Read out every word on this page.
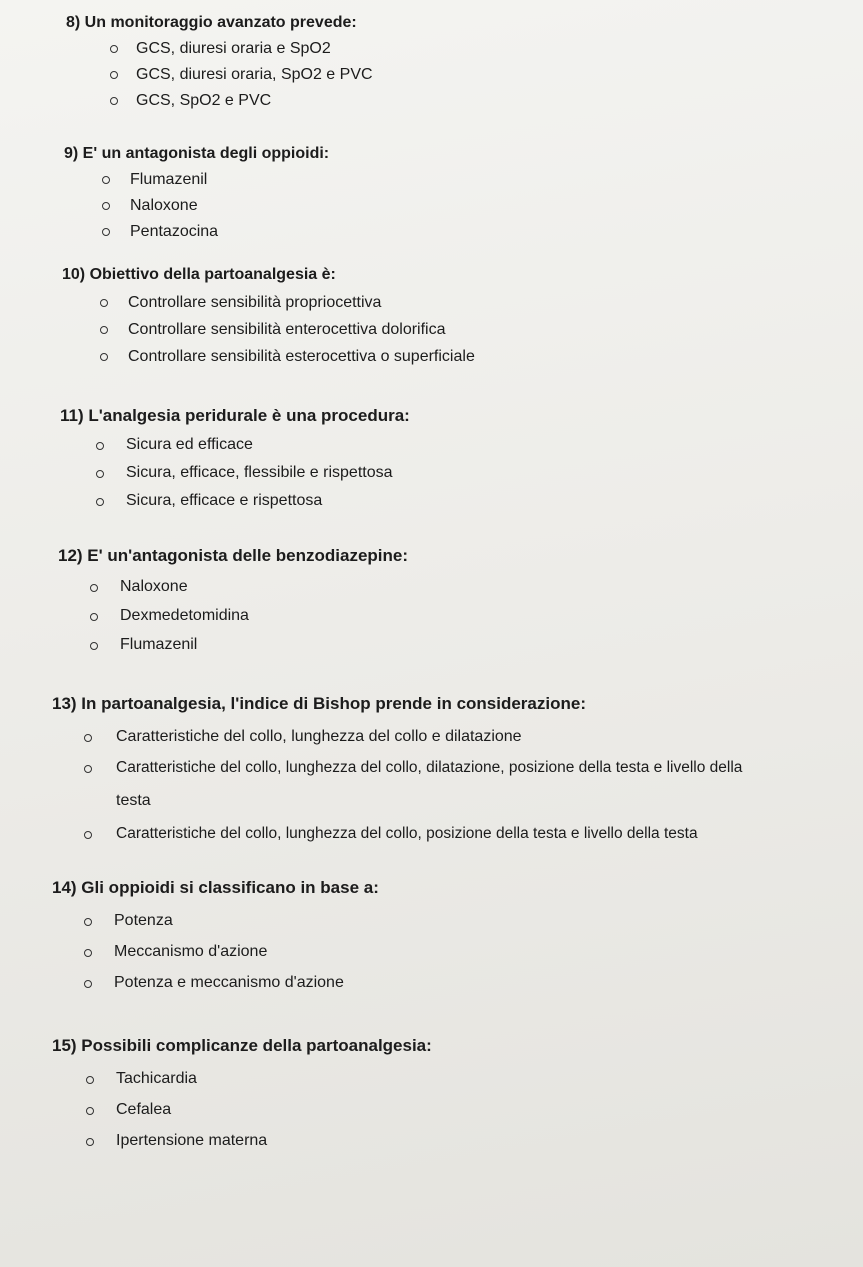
8) Un monitoraggio avanzato prevede:
GCS, diuresi oraria e SpO2
GCS, diuresi oraria, SpO2 e PVC
GCS, SpO2 e PVC
9) E' un antagonista degli oppioidi:
Flumazenil
Naloxone
Pentazocina
10) Obiettivo della partoanalgesia è:
Controllare sensibilità propriocettiva
Controllare sensibilità enterocettiva dolorifica
Controllare sensibilità esterocettiva o superficiale
11) L'analgesia peridurale è una procedura:
Sicura ed efficace
Sicura, efficace, flessibile e rispettosa
Sicura, efficace e rispettosa
12) E' un'antagonista delle benzodiazepine:
Naloxone
Dexmedetomidina
Flumazenil
13) In partoanalgesia, l'indice di Bishop prende in considerazione:
Caratteristiche del collo, lunghezza del collo e dilatazione
Caratteristiche del collo, lunghezza del collo, dilatazione, posizione della testa e livello della
testa
Caratteristiche del collo, lunghezza del collo, posizione della testa e livello della testa
14) Gli oppioidi si classificano in base a:
Potenza
Meccanismo d'azione
Potenza e meccanismo d'azione
15) Possibili complicanze della partoanalgesia:
Tachicardia
Cefalea
Ipertensione materna
